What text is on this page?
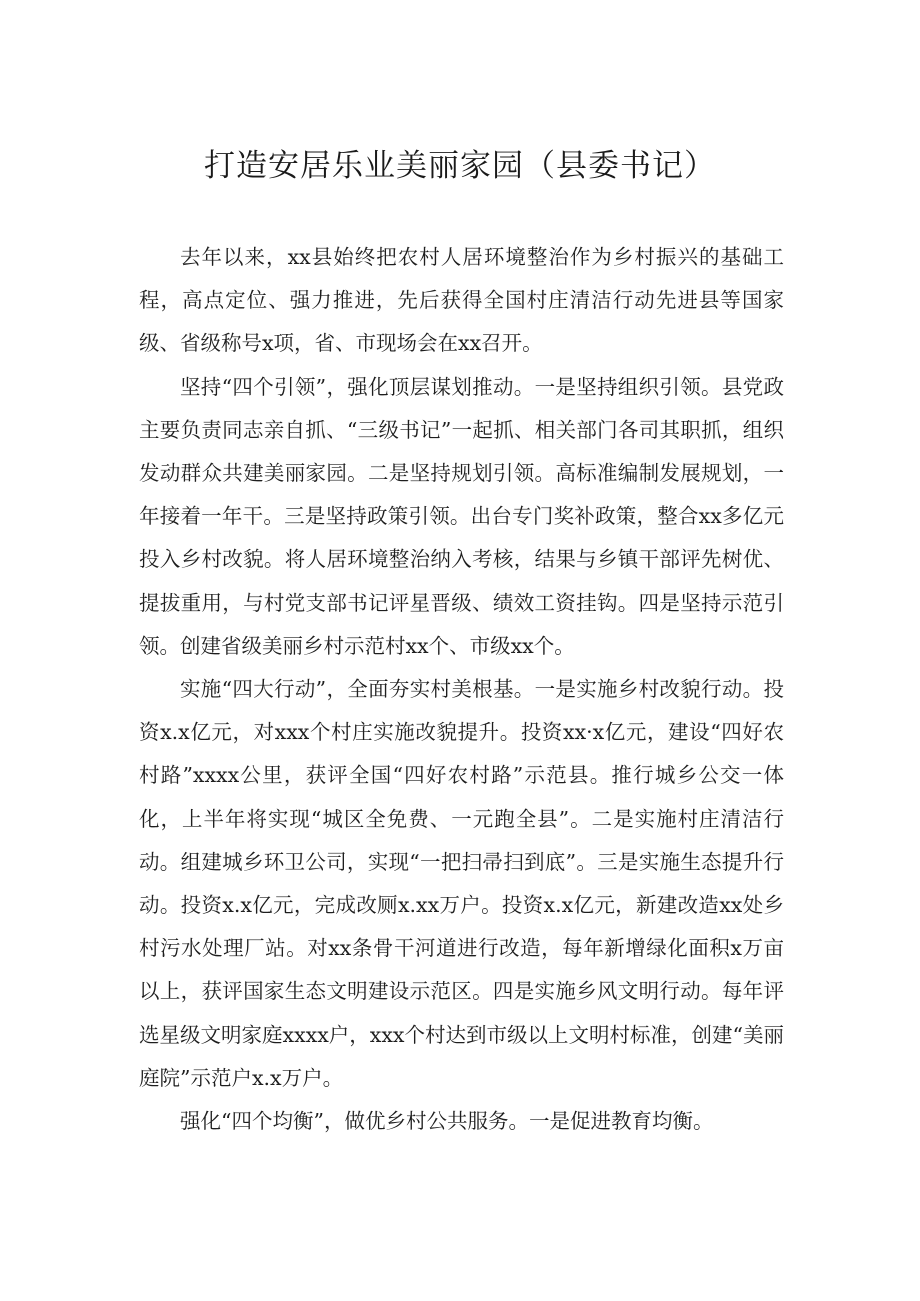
打造安居乐业美丽家园（县委书记）

去年以来，xx县始终把农村人居环境整治作为乡村振兴的基础工程，高点定位、强力推进，先后获得全国村庄清洁行动先进县等国家级、省级称号x项，省、市现场会在xx召开。

坚持“四个引领”，强化顶层谋划推动。一是坚持组织引领。县党政主要负责同志亲自抓、“三级书记”一起抓、相关部门各司其职抓，组织发动群众共建美丽家园。二是坚持规划引领。高标准编制发展规划，一年接着一年干。三是坚持政策引领。出台专门奖补政策，整合xx多亿元投入乡村改貌。将人居环境整治纳入考核，结果与乡镇干部评先树优、提拔重用，与村党支部书记评星晋级、绩效工资挂钩。四是坚持示范引领。创建省级美丽乡村示范村xx个、市级xx个。

实施“四大行动”，全面夯实村美根基。一是实施乡村改貌行动。投资x.x亿元，对xxx个村庄实施改貌提升。投资xx·x亿元，建设“四好农村路”xxxx公里，获评全国“四好农村路”示范县。推行城乡公交一体化，上半年将实现“城区全免费、一元跑全县”。二是实施村庄清洁行动。组建城乡环卫公司，实现“一把扫帚扫到底”。三是实施生态提升行动。投资x.x亿元，完成改厕x.xx万户。投资x.x亿元，新建改造xx处乡村污水处理厂站。对xx条骨干河道进行改造，每年新增绿化面积x万亩以上，获评国家生态文明建设示范区。四是实施乡风文明行动。每年评选星级文明家庭xxxx户，xxx个村达到市级以上文明村标准，创建“美丽庭院”示范户x.x万户。

强化“四个均衡”，做优乡村公共服务。一是促进教育均衡。
